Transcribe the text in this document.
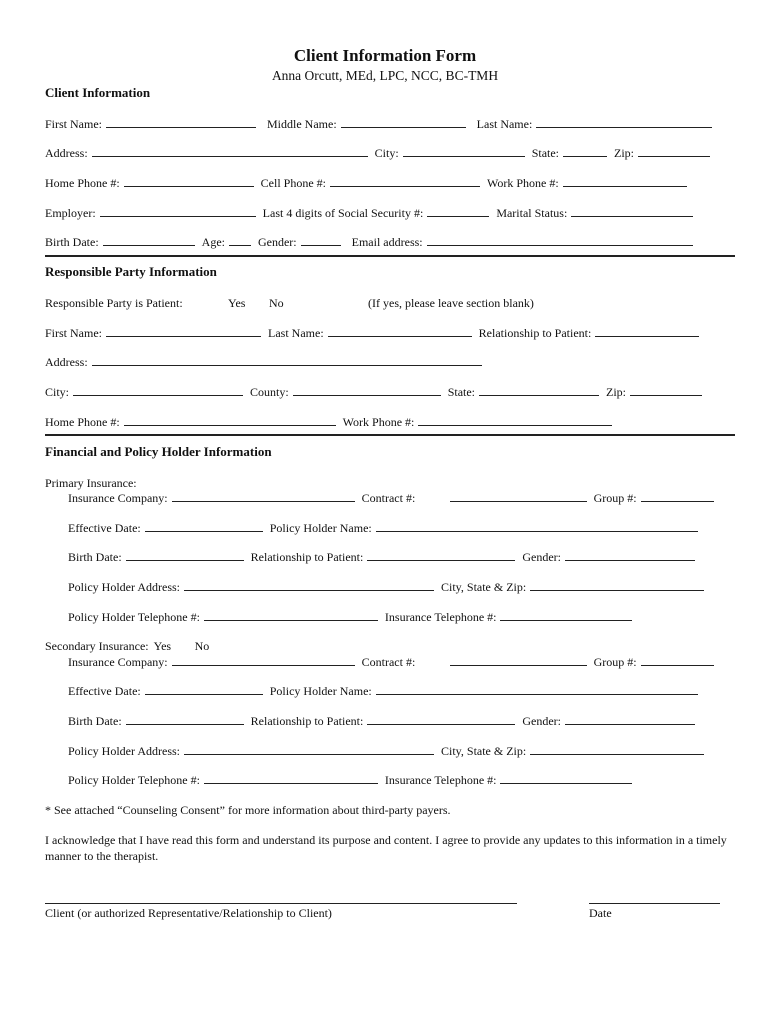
Client Information Form
Anna Orcutt, MEd, LPC, NCC, BC-TMH
Client Information
First Name:	Middle Name:	Last Name:
Address:	City:	State:	Zip:
Home Phone #:	Cell Phone #:	Work Phone #:
Employer:	Last 4 digits of Social Security #:	Marital Status:
Birth Date:	Age:	Gender:	Email address:
Responsible Party Information
Responsible Party is Patient:	Yes No	(If yes, please leave section blank)
First Name:	Last Name:	Relationship to Patient:
Address:
City:	County:	State:	Zip:
Home Phone #:	Work Phone #:
Financial and Policy Holder Information
Primary Insurance:
Insurance Company:	Contract #:	Group #:
Effective Date:	Policy Holder Name:
Birth Date:	Relationship to Patient:	Gender:
Policy Holder Address:	City, State & Zip:
Policy Holder Telephone #:	Insurance Telephone #:
Secondary Insurance: Yes No
Insurance Company:	Contract #:	Group #:
Effective Date:	Policy Holder Name:
Birth Date:	Relationship to Patient:	Gender:
Policy Holder Address:	City, State & Zip:
Policy Holder Telephone #:	Insurance Telephone #:
* See attached “Counseling Consent” for more information about third-party payers.
I acknowledge that I have read this form and understand its purpose and content. I agree to provide any updates to this information in a timely manner to the therapist.
Client (or authorized Representative/Relationship to Client)	Date
